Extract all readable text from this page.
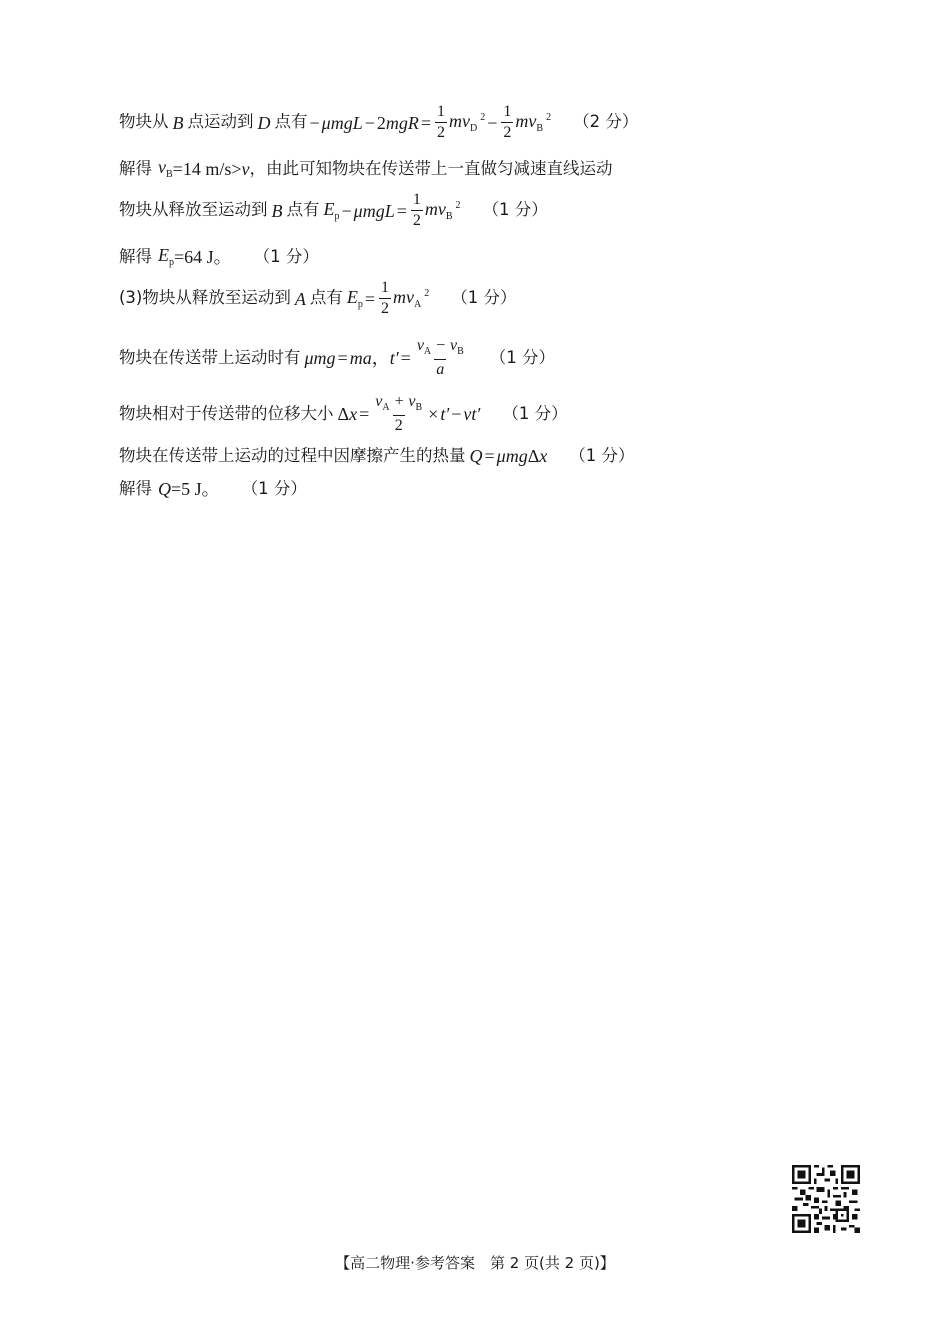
物块从 B 点运动到 D 点有 − μmgL − 2 mgR = $\frac{1}{2} mv_D^2 - \frac{1}{2} mv_B^2$ （2 分）
解得 $v_B =14$ m/s> v ，由此可知物块在传送带上一直做匀减速直线运动
物块从释放至运动到 B 点有 $E_p - \mu mgL = \frac{1}{2} mv_B^2$ （1 分）
解得 $E_p =64$ J。 （1 分）
(3)物块从释放至运动到 A 点有 $E_p = \frac{1}{2} mv_A^2$ （1 分）
物块在传送带上运动时有 μmg = ma ， $t' = \frac{v_A - v_B}{a} (1$ 分）
物块相对于传送带的位移大小 Δ $x = \frac{v_A + v_B}{2} \times t' - vt'$ （1 分）
物块在传送带上运动的过程中因摩擦产生的热量 Q = μmg Δ x （1 分）
解得 Q =5 J。 （1 分）
【高二物理·参考答案　第 2 页(共 2 页)】
